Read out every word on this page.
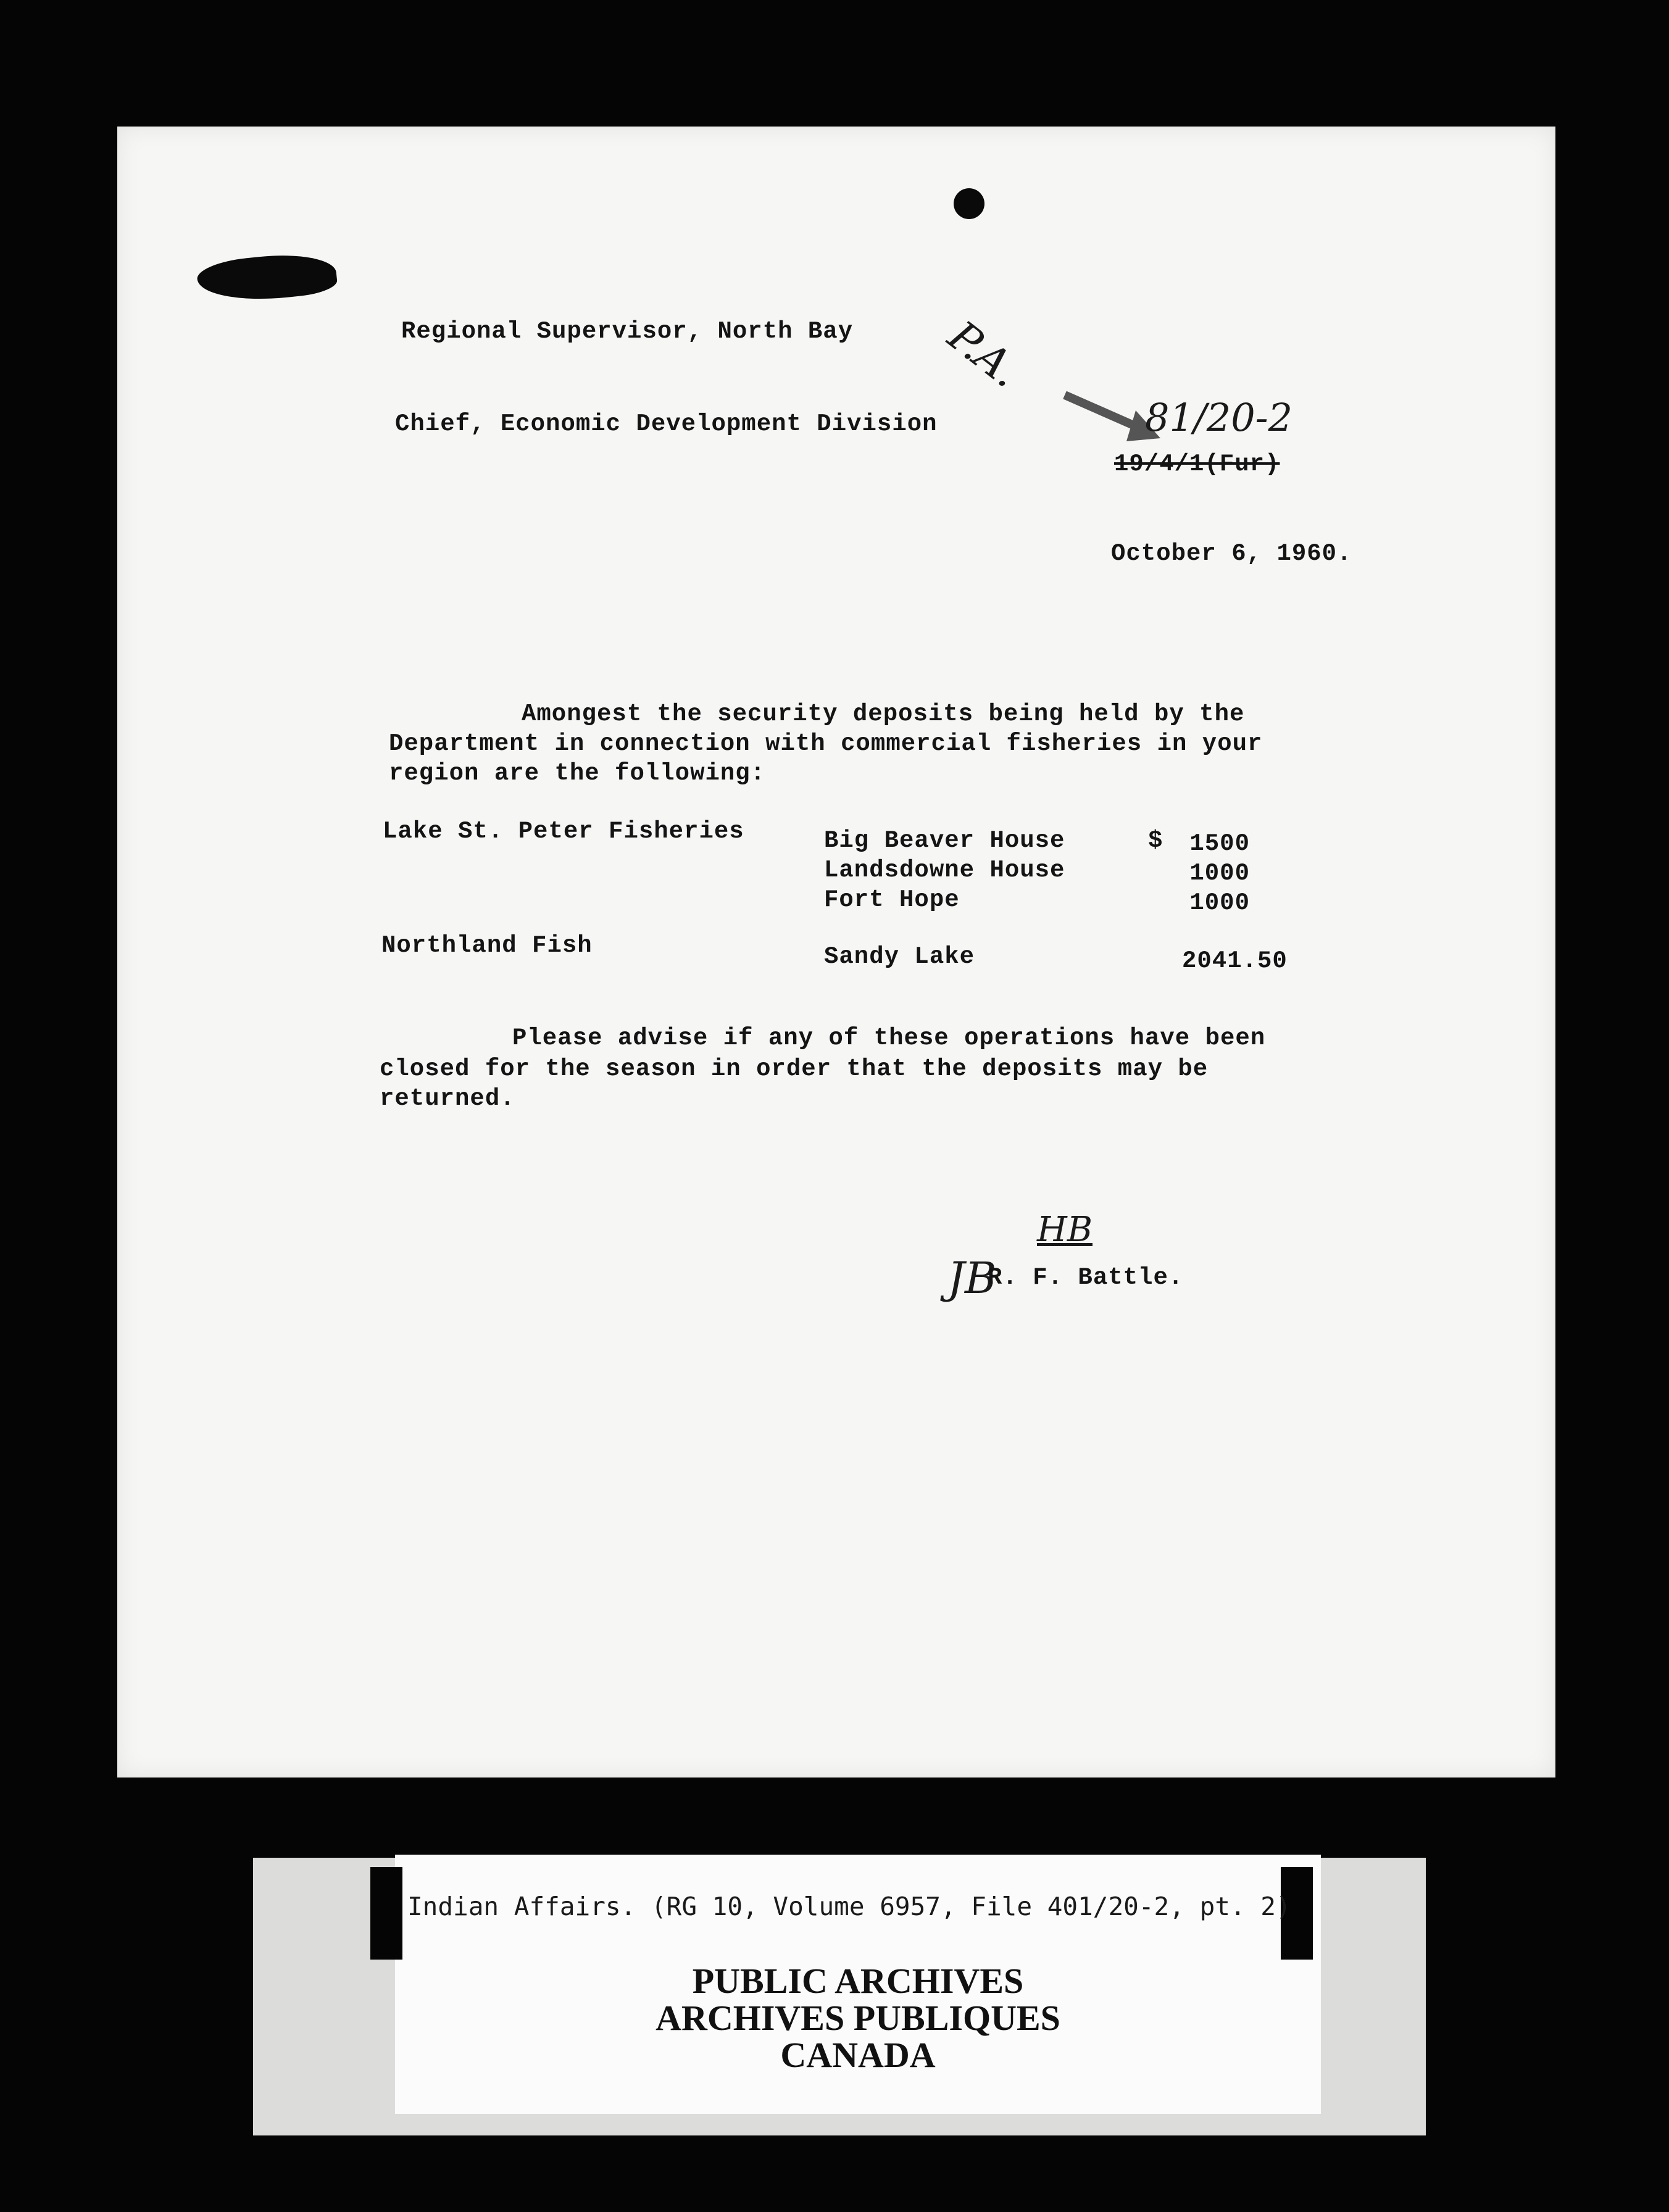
Regional Supervisor, North Bay
Chief, Economic Development Division
P.A.
81/20-2
19/4/1(Fur)
October 6, 1960.
Amongest the security deposits being held by the
Department in connection with commercial fisheries in your
region are the following:
Lake St. Peter Fisheries	Big Beaver House	$	1500
Landsdowne House	1000
Fort Hope	1000
Northland Fish	Sandy Lake	2041.50
Please advise if any of these operations have been
closed for the season in order that the deposits may be
returned.
HB
JB
R. F. Battle.
Indian Affairs. (RG 10, Volume 6957, File 401/20-2, pt. 2)
PUBLIC ARCHIVES
ARCHIVES PUBLIQUES
CANADA
